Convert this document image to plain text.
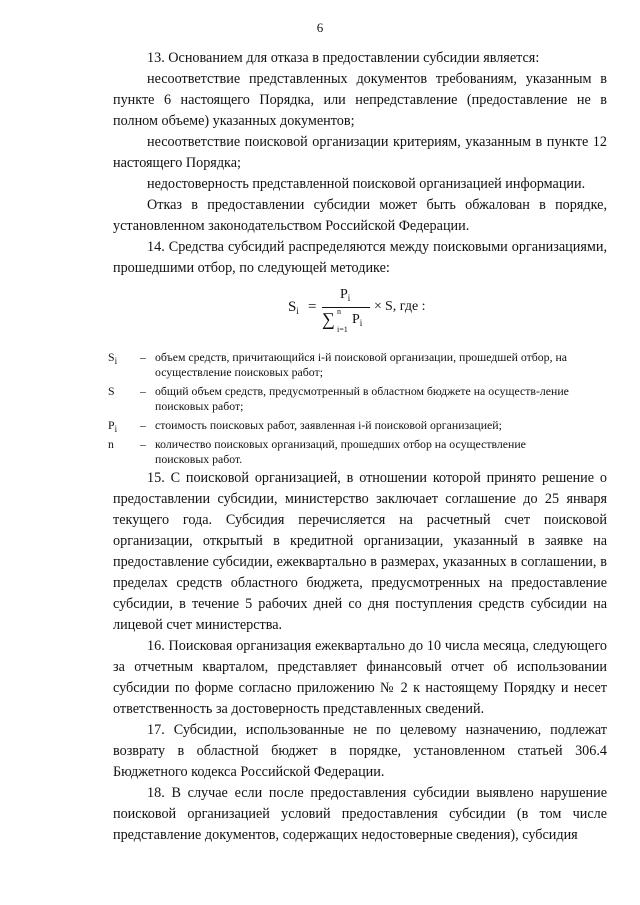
6

13. Основанием для отказа в предоставлении субсидии является:

несоответствие представленных документов требованиям, указанным в пункте 6 настоящего Порядка, или непредставление (предоставление не в полном объеме) указанных документов;

несоответствие поисковой организации критериям, указанным в пункте 12 настоящего Порядка;

недостоверность представленной поисковой организацией информации.

Отказ в предоставлении субсидии может быть обжалован в порядке, установленном законодательством Российской Федерации.

14. Средства субсидий распределяются между поисковыми организациями, прошедшими отбор, по следующей методике:

$S_i$ =
$P_i$
∑ n
i=1
$P_i$
× S, где :
$S_i$ – объем средств, причитающийся i-й поисковой организации, прошедшей отбор, на осуществление поисковых работ;
S – общий объем средств, предусмотренный в областном бюджете на осуществ-ление поисковых работ;
$P_i$ – стоимость поисковых работ, заявленная i-й поисковой организацией;
n – количество поисковых организаций, прошедших отбор на осуществление поисковых работ.

15. С поисковой организацией, в отношении которой принято решение о предоставлении субсидии, министерство заключает соглашение до 25 января текущего года. Субсидия перечисляется на расчетный счет поисковой организации, открытый в кредитной организации, указанный в заявке на предоставление субсидии, ежеквартально в размерах, указанных в соглашении, в пределах средств областного бюджета, предусмотренных на предоставление субсидии, в течение 5 рабочих дней со дня поступления средств субсидии на лицевой счет министерства.

16. Поисковая организация ежеквартально до 10 числа месяца, следующего за отчетным кварталом, представляет финансовый отчет об использовании субсидии по форме согласно приложению № 2 к настоящему Порядку и несет ответственность за достоверность представленных сведений.

17. Субсидии, использованные не по целевому назначению, подлежат возврату в областной бюджет в порядке, установленном статьей 306.4 Бюджетного кодекса Российской Федерации.

18. В случае если после предоставления субсидии выявлено нарушение поисковой организацией условий предоставления субсидии (в том числе представление документов, содержащих недостоверные сведения), субсидия
